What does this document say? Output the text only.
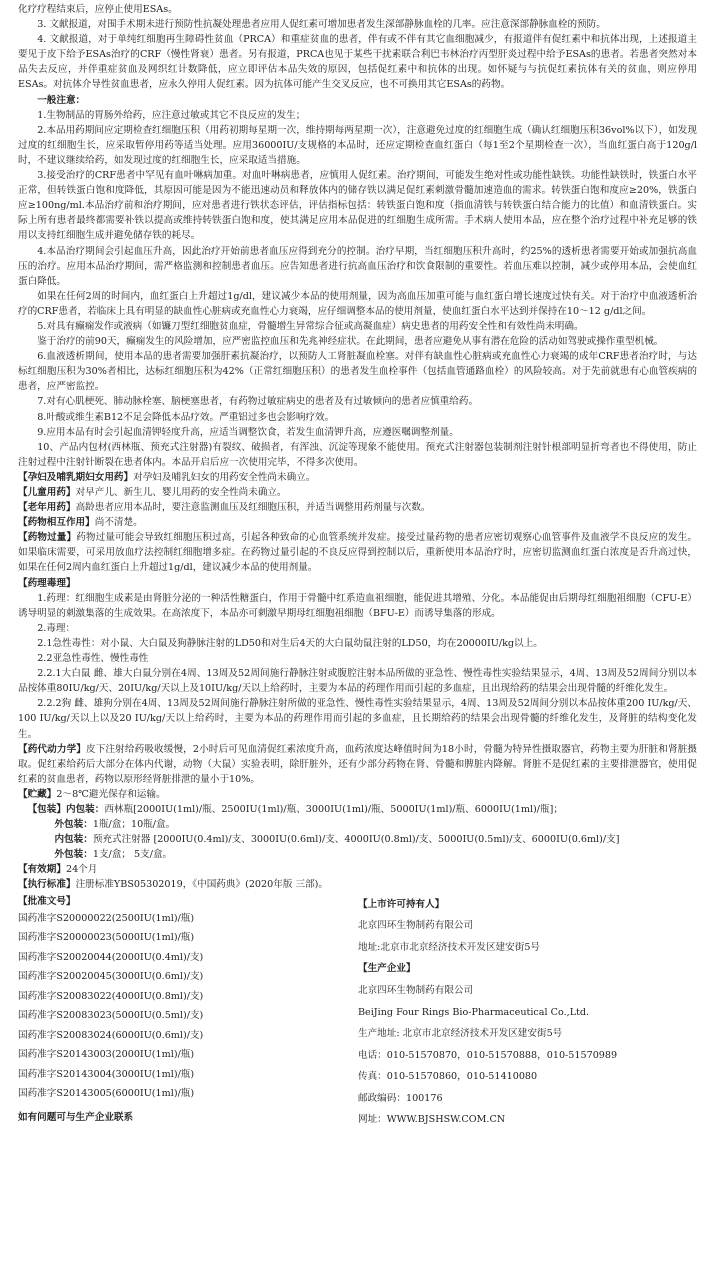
化疗疗程结束后，应停止使用ESAs。

3. 文献报道，对围手术期未进行预防性抗凝处理患者应用人促红素可增加患者发生深部静脉血栓的几率。应注意深部静脉血栓的预防。

4. 文献报道，对于单纯红细胞再生障碍性贫血（PRCA）和重症贫血的患者，伴有或不伴有其它血细胞减少，有报道伴有促红素中和抗体出现，上述报道主要见于皮下给予ESAs治疗的CRF（慢性肾衰）患者。另有报道，PRCA也见于某些干扰素联合利巴韦林治疗丙型肝炎过程中给予ESAs的患者。若患者突然对本品失去反应，并伴重症贫血及网织红计数降低，应立即评估本品失效的原因，包括促红素中和抗体的出现。如怀疑与与抗促红素抗体有关的贫血，则应停用ESAs。对抗体介导性贫血患者，应永久停用人促红素。因为抗体可能产生交叉反应，也不可换用其它ESAs的药物。

一般注意：

1.生物制品的胃肠外给药，应注意过敏或其它不良反应的发生；

2.本品用药期间应定期检查红细胞压积（用药初期每星期一次，维持期每两星期一次），注意避免过度的红细胞生成（确认红细胞压积36vol%以下），如发现过度的红细胞生长，应采取暂停用药等适当处理。应用36000IU/支规格的本品时，还应定期检查血红蛋白（每1至2个星期检查一次），当血红蛋白高于120g/l时，不建议继续给药，如发现过度的红细胞生长，应采取适当措施。

3.接受治疗的CRF患者中罕见有血叶啉病加重。对血叶啉病患者，应慎用人促红素。治疗期间，可能发生绝对性或功能性缺铁。功能性缺铁时，铁蛋白水平正常，但转铁蛋白饱和度降低，其原因可能是因为不能迅速动员和释放体内的储存铁以满足促红素刺激骨髓加速造血的需求。转铁蛋白饱和度应≥20%，铁蛋白应≥100ng/ml.本品治疗前和治疗期间，应对患者进行铁状态评估，评估指标包括：转铁蛋白饱和度（指血清铁与转铁蛋白结合能力的比值）和血清铁蛋白。实际上所有患者最终都需要补铁以提高或维持转铁蛋白饱和度，使其满足应用本品促进的红细胞生成所需。手术病人使用本品，应在整个治疗过程中补充足够的铁用以支持红细胞生成并避免储存铁的耗尽。

4.本品治疗期间会引起血压升高，因此治疗开始前患者血压应得到充分的控制。治疗早期，当红细胞压积升高时，约25%的透析患者需要开始或加强抗高血压的治疗。应用本品治疗期间，需严格监测和控制患者血压。应告知患者进行抗高血压治疗和饮食限制的重要性。若血压难以控制，减少或停用本品，会使血红蛋白降低。

如果在任何2周的时间内，血红蛋白上升超过1g/dl，建议减少本品的使用剂量，因为高血压加重可能与血红蛋白增长速度过快有关。对于治疗中血液透析治疗的CRF患者，若临床上具有明显的缺血性心脏病或充血性心力衰竭，应仔细调整本品的使用剂量，使血红蛋白水平达到并保持在10～12 g/dl之间。

5.对具有癫痫发作或液病（如镰刀型红细胞贫血症，骨髓增生异常综合征或高凝血症）病史患者的用药安全性和有效性尚未明确。

鉴于治疗的前90天，癫痫发生的风险增加，应严密监控血压和先兆神经症状。在此期间，患者应避免从事有潜在危险的活动如驾驶或操作重型机械。

6.血液透析期间，使用本品的患者需要加强肝素抗凝治疗，以预防人工肾脏凝血栓塞。对伴有缺血性心脏病或充血性心力衰竭的成年CRF患者治疗时，与达标红细胞压积为30%者相比，达标红细胞压积为42%（正常红细胞压积）的患者发生血栓事件（包括血管通路血栓）的风险较高。对于先前就患有心血管疾病的患者，应严密监控。

7.对有心肌梗死、肺动脉栓塞、脑梗塞患者，有药物过敏症病史的患者及有过敏倾向的患者应慎重给药。

8.叶酸或维生素B12不足会降低本品疗效。严重铝过多也会影响疗效。

9.应用本品有时会引起血清钾轻度升高，应适当调整饮食，若发生血清钾升高，应遵医嘱调整剂量。

10、产品内包材(西林瓶、预充式注射器)有裂纹、破损者，有浑浊、沉淀等现象不能使用。预充式注射器包装制剂注射针根部明显折弯者也不得使用，防止注射过程中注射针断裂在患者体内。本品开启后应一次使用完毕，不得多次使用。

【孕妇及哺乳期妇女用药】对孕妇及哺乳妇女的用药安全性尚未确立。

【儿童用药】对早产儿、新生儿、婴儿用药的安全性尚未确立。

【老年用药】高龄患者应用本品时，要注意监测血压及红细胞压积，并适当调整用药剂量与次数。

【药物相互作用】尚不清楚。

【药物过量】药物过量可能会导致红细胞压积过高，引起各种致命的心血管系统并发症。接受过量药物的患者应密切观察心血管事件及血液学不良反应的发生。如果临床需要，可采用放血疗法控制红细胞增多症。在药物过量引起的不良反应得到控制以后，重新使用本品治疗时，应密切监测血红蛋白浓度是否升高过快，如果在任何2周内血红蛋白上升超过1g/dl，建议减少本品的使用剂量。

【药理毒理】

1.药理：红细胞生成素是由肾脏分泌的一种活性糖蛋白，作用于骨髓中红系造血祖细胞，能促进其增殖、分化。本品能促由后期母红细胞祖细胞（CFU-E）诱导明显的刺激集落的生成效果。在高浓度下，本品亦可刺激早期母红细胞祖细胞（BFU-E）而诱导集落的形成。

2.毒理：

2.1急性毒性：对小鼠、大白鼠及狗静脉注射的LD50和对生后4天的大白鼠幼鼠注射的LD50，均在20000IU/kg以上。

2.2亚急性毒性、慢性毒性

2.2.1大白鼠 雌、雄大白鼠分别在4周、13周及52周间施行静脉注射或腹腔注射本品所做的亚急性、慢性毒性实验结果显示，4周、13周及52周间分别以本品按体重80IU/kg/天、20IU/kg/天以上及10IU/kg/天以上给药时，主要为本品的药理作用而引起的多血症，且出现给药的结果会出现骨髓的纤维化发生。

2.2.2狗 雌、雄狗分别在4周、13周及52周间施行静脉注射所做的亚急性、慢性毒性实验结果显示，4周、13周及52周间分别以本品按体重200 IU/kg/天、100 IU/kg/天以上以及20 IU/kg/天以上给药时，主要为本品的药理作用而引起的多血症，且长期给药的结果会出现骨髓的纤维化发生，及肾脏的结构变化发生。

【药代动力学】皮下注射给药吸收缓慢，2小时后可见血清促红素浓度升高，血药浓度达峰值时间为18小时，骨髓为特异性摄取器官，药物主要为肝脏和肾脏摄取。促红素给药后大部分在体内代谢，动物（大鼠）实验表明，除肝脏外，还有少部分药物在肾、骨髓和脾脏内降解。肾脏不是促红素的主要排泄器官，使用促红素的贫血患者，药物以原形经肾脏排泄的量小于10%。

【贮藏】2～8℃避光保存和运输。

【包装】内包装： 西林瓶[2000IU(1ml)/瓶、2500IU(1ml)/瓶、3000IU(1ml)/瓶、5000IU(1ml)/瓶、6000IU(1ml)/瓶]；
外包装： 1瓶/盒；10瓶/盒。
内包装： 预充式注射器 [2000IU(0.4ml)/支、3000IU(0.6ml)/支、4000IU(0.8ml)/支、5000IU(0.5ml)/支、6000IU(0.6ml)/支]
外包装： 1支/盒； 5支/盒。

【有效期】24个月

【执行标准】注册标准YBS05302019，《中国药典》(2020年版 三部)。

【批准文号】

国药准字S20000022(2500IU(1ml)/瓶)

国药准字S20000023(5000IU(1ml)/瓶)

国药准字S20020044(2000IU(0.4ml)/支)

国药准字S20020045(3000IU(0.6ml)/支)

国药准字S20083022(4000IU(0.8ml)/支)

国药准字S20083023(5000IU(0.5ml)/支)

国药准字S20083024(6000IU(0.6ml)/支)

国药准字S20143003(2000IU(1ml)/瓶)

国药准字S20143004(3000IU(1ml)/瓶)

国药准字S20143005(6000IU(1ml)/瓶)

如有问题可与生产企业联系

【上市许可持有人】

北京四环生物制药有限公司

地址:北京市北京经济技术开发区建安街5号

【生产企业】

北京四环生物制药有限公司

BeiJing Four Rings Bio-Pharmaceutical Co.,Ltd.

生产地址: 北京市北京经济技术开发区建安街5号

电话：010-51570870，010-51570888，010-51570989

传真：010-51570860，010-51410080

邮政编码：100176

网址：WWW.BJSHSW.COM.CN
